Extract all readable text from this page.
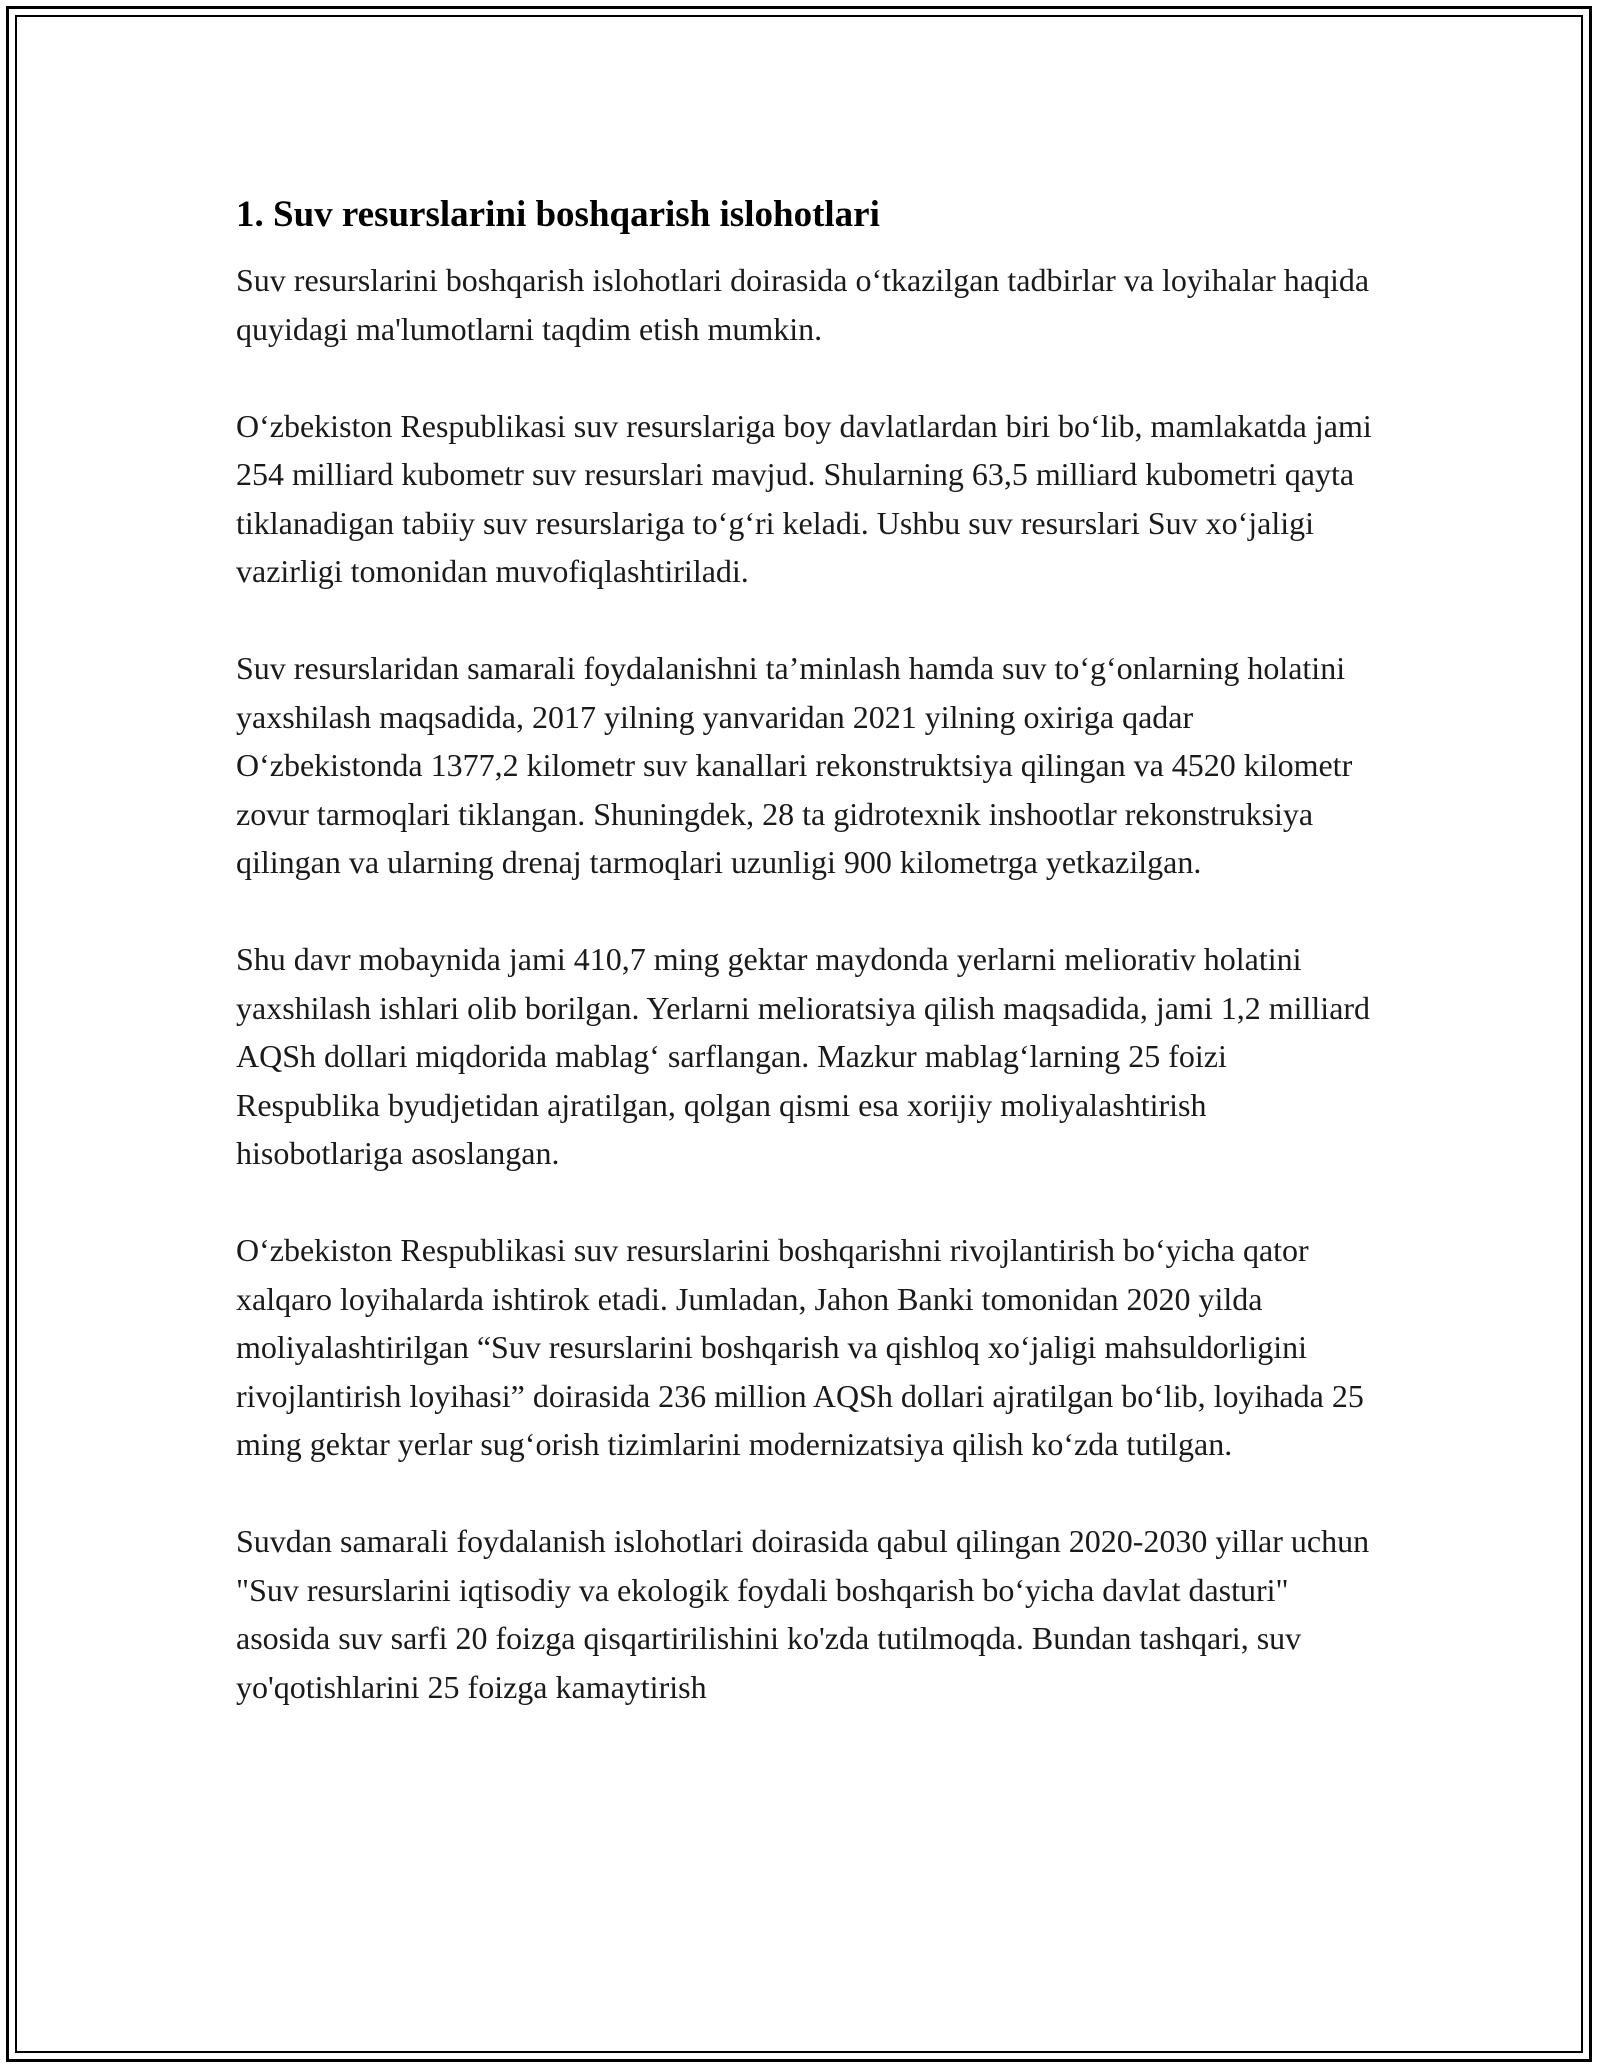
1. Suv resurslarini boshqarish islohotlari

Suv resurslarini boshqarish islohotlari doirasida o‘tkazilgan tadbirlar va loyihalar haqida quyidagi ma'lumotlarni taqdim etish mumkin.

O‘zbekiston Respublikasi suv resurslariga boy davlatlardan biri bo‘lib, mamlakatda jami 254 milliard kubometr suv resurslari mavjud. Shularning 63,5 milliard kubometri qayta tiklanadigan tabiiy suv resurslariga to‘g‘ri keladi. Ushbu suv resurslari Suv xo‘jaligi vazirligi tomonidan muvofiqlashtiriladi.

Suv resurslaridan samarali foydalanishni ta’minlash hamda suv to‘g‘onlarning holatini yaxshilash maqsadida, 2017 yilning yanvaridan 2021 yilning oxiriga qadar O‘zbekistonda 1377,2 kilometr suv kanallari rekonstruktsiya qilingan va 4520 kilometr zovur tarmoqlari tiklangan. Shuningdek, 28 ta gidrotexnik inshootlar rekonstruksiya qilingan va ularning drenaj tarmoqlari uzunligi 900 kilometrga yetkazilgan.

Shu davr mobaynida jami 410,7 ming gektar maydonda yerlarni meliorativ holatini yaxshilash ishlari olib borilgan. Yerlarni melioratsiya qilish maqsadida, jami 1,2 milliard AQSh dollari miqdorida mablag‘ sarflangan. Mazkur mablag‘larning 25 foizi Respublika byudjetidan ajratilgan, qolgan qismi esa xorijiy moliyalashtirish hisobotlariga asoslangan.

O‘zbekiston Respublikasi suv resurslarini boshqarishni rivojlantirish bo‘yicha qator xalqaro loyihalarda ishtirok etadi. Jumladan, Jahon Banki tomonidan 2020 yilda moliyalashtirilgan “Suv resurslarini boshqarish va qishloq xo‘jaligi mahsuldorligini rivojlantirish loyihasi” doirasida 236 million AQSh dollari ajratilgan bo‘lib, loyihada 25 ming gektar yerlar sug‘orish tizimlarini modernizatsiya qilish ko‘zda tutilgan.

Suvdan samarali foydalanish islohotlari doirasida qabul qilingan 2020-2030 yillar uchun "Suv resurslarini iqtisodiy va ekologik foydali boshqarish bo‘yicha davlat dasturi" asosida suv sarfi 20 foizga qisqartirilishini ko'zda tutilmoqda. Bundan tashqari, suv yo'qotishlarini 25 foizga kamaytirish
